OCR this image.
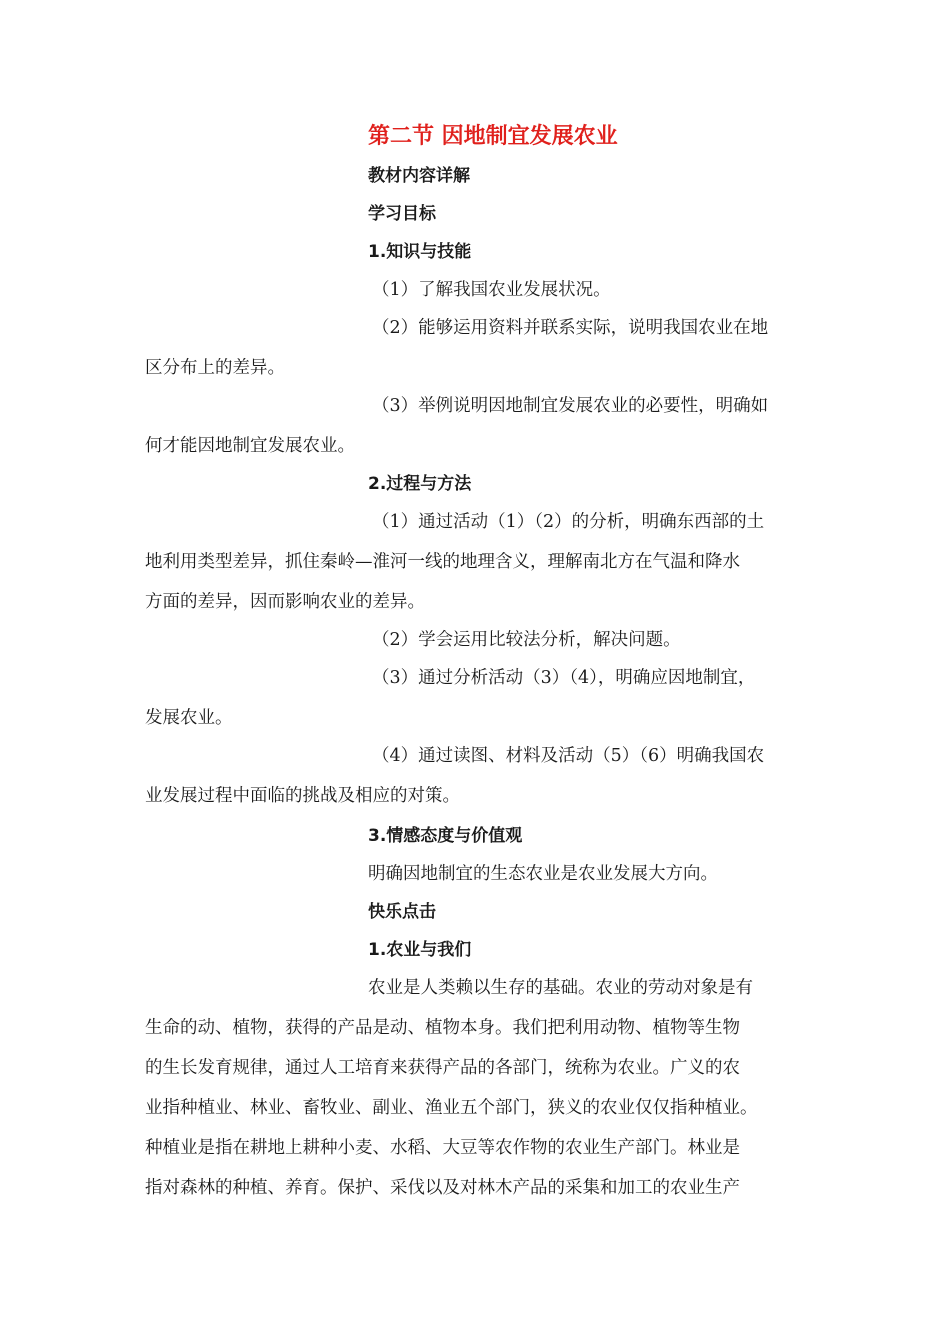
第二节 因地制宜发展农业
教材内容详解
学习目标
1.知识与技能
（1）了解我国农业发展状况。
（2）能够运用资料并联系实际，说明我国农业在地
区分布上的差异。
（3）举例说明因地制宜发展农业的必要性，明确如
何才能因地制宜发展农业。
2.过程与方法
（1）通过活动（1）（2）的分析，明确东西部的土
地利用类型差异，抓住秦岭—淮河一线的地理含义，理解南北方在气温和降水
方面的差异，因而影响农业的差异。
（2）学会运用比较法分析，解决问题。
（3）通过分析活动（3）（4），明确应因地制宜，
发展农业。
（4）通过读图、材料及活动（5）（6）明确我国农
业发展过程中面临的挑战及相应的对策。
3.情感态度与价值观
明确因地制宜的生态农业是农业发展大方向。
快乐点击
1.农业与我们
农业是人类赖以生存的基础。农业的劳动对象是有
生命的动、植物，获得的产品是动、植物本身。我们把利用动物、植物等生物
的生长发育规律，通过人工培育来获得产品的各部门，统称为农业。广义的农
业指种植业、林业、畜牧业、副业、渔业五个部门，狭义的农业仅仅指种植业。
种植业是指在耕地上耕种小麦、水稻、大豆等农作物的农业生产部门。林业是
指对森林的种植、养育。保护、采伐以及对林木产品的采集和加工的农业生产
